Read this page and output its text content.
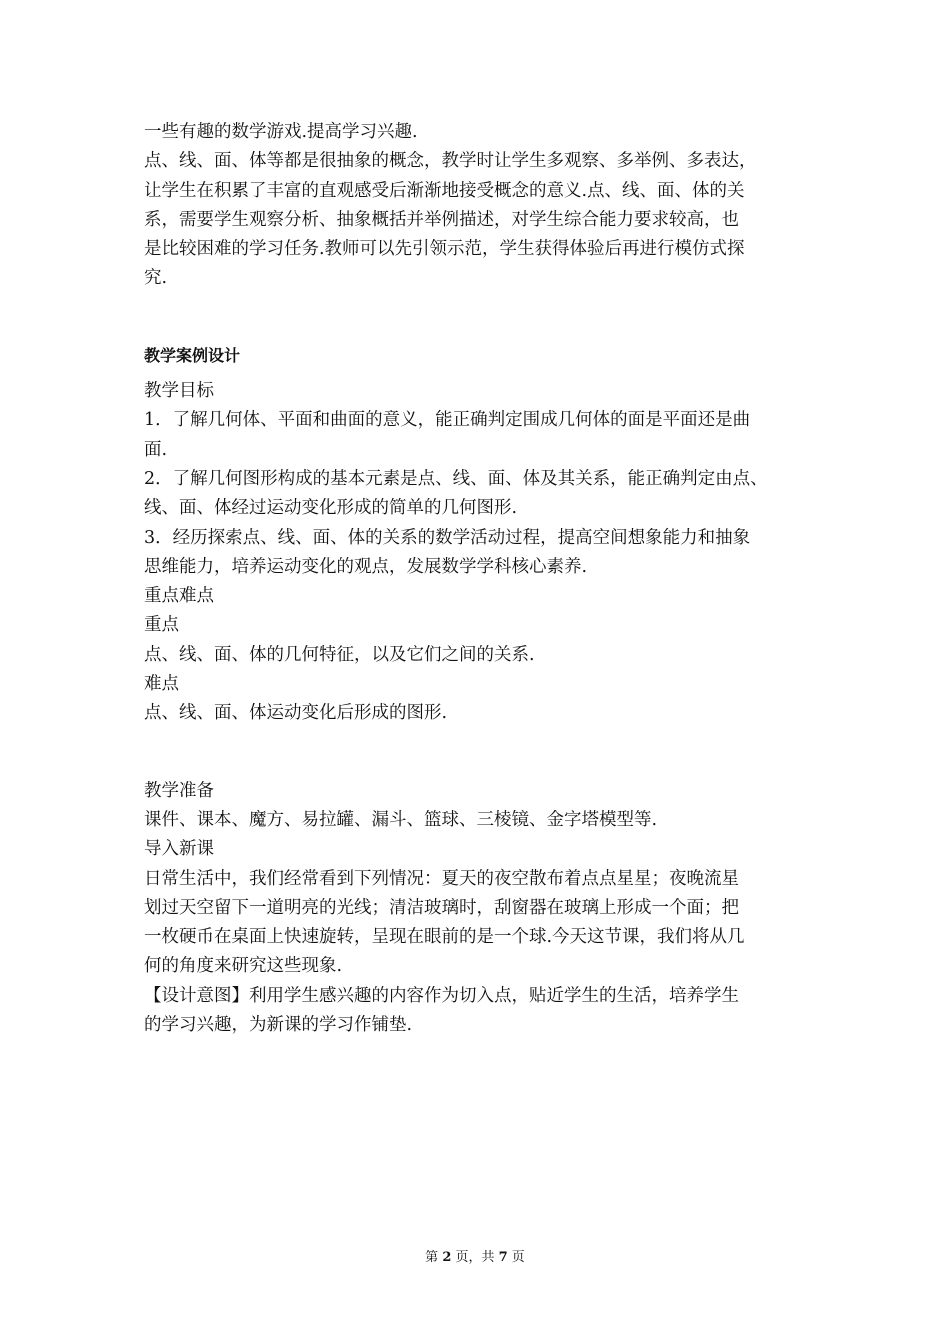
一些有趣的数学游戏.提高学习兴趣.
点、线、面、体等都是很抽象的概念，教学时让学生多观察、多举例、多表达，
让学生在积累了丰富的直观感受后渐渐地接受概念的意义.点、线、面、体的关
系，需要学生观察分析、抽象概括并举例描述，对学生综合能力要求较高，也
是比较困难的学习任务.教师可以先引领示范，学生获得体验后再进行模仿式探
究.
教学案例设计
教学目标
1．了解几何体、平面和曲面的意义，能正确判定围成几何体的面是平面还是曲
面.
2．了解几何图形构成的基本元素是点、线、面、体及其关系，能正确判定由点、
线、面、体经过运动变化形成的简单的几何图形.
3．经历探索点、线、面、体的关系的数学活动过程，提高空间想象能力和抽象
思维能力，培养运动变化的观点，发展数学学科核心素养.
重点难点
重点
点、线、面、体的几何特征，以及它们之间的关系.
难点
点、线、面、体运动变化后形成的图形.
教学准备
课件、课本、魔方、易拉罐、漏斗、篮球、三棱镜、金字塔模型等.
导入新课
日常生活中，我们经常看到下列情况：夏天的夜空散布着点点星星；夜晚流星
划过天空留下一道明亮的光线；清洁玻璃时，刮窗器在玻璃上形成一个面；把
一枚硬币在桌面上快速旋转，呈现在眼前的是一个球.今天这节课，我们将从几
何的角度来研究这些现象.
【设计意图】利用学生感兴趣的内容作为切入点，贴近学生的生活，培养学生
的学习兴趣，为新课的学习作铺垫.
第 2 页，共 7 页
